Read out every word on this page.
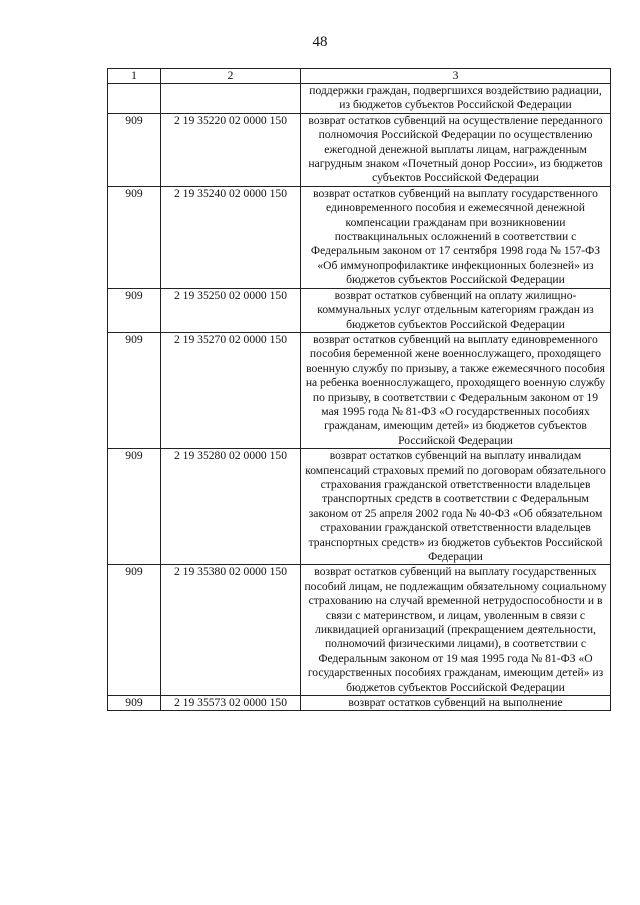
48
1	2	3
		поддержки граждан, подвергшихся воздействию радиации, из бюджетов субъектов Российской Федерации
909	2 19 35220 02 0000 150	возврат остатков субвенций на осуществление переданного полномочия Российской Федерации по осуществлению ежегодной денежной выплаты лицам, награжденным нагрудным знаком «Почетный донор России», из бюджетов субъектов Российской Федерации
909	2 19 35240 02 0000 150	возврат остатков субвенций на выплату государственного единовременного пособия и ежемесячной денежной компенсации гражданам при возникновении поствакцинальных осложнений в соответствии с Федеральным законом от 17 сентября 1998 года № 157-ФЗ «Об иммунопрофилактике инфекционных болезней» из бюджетов субъектов Российской Федерации
909	2 19 35250 02 0000 150	возврат остатков субвенций на оплату жилищно-коммунальных услуг отдельным категориям граждан из бюджетов субъектов Российской Федерации
909	2 19 35270 02 0000 150	возврат остатков субвенций на выплату единовременного пособия беременной жене военнослужащего, проходящего военную службу по призыву, а также ежемесячного пособия на ребенка военнослужащего, проходящего военную службу по призыву, в соответствии с Федеральным законом от 19 мая 1995 года № 81-ФЗ «О государственных пособиях гражданам, имеющим детей» из бюджетов субъектов Российской Федерации
909	2 19 35280 02 0000 150	возврат остатков субвенций на выплату инвалидам компенсаций страховых премий по договорам обязательного страхования гражданской ответственности владельцев транспортных средств в соответствии с Федеральным законом от 25 апреля 2002 года № 40-ФЗ «Об обязательном страховании гражданской ответственности владельцев транспортных средств» из бюджетов субъектов Российской Федерации
909	2 19 35380 02 0000 150	возврат остатков субвенций на выплату государственных пособий лицам, не подлежащим обязательному социальному страхованию на случай временной нетрудоспособности и в связи с материнством, и лицам, уволенным в связи с ликвидацией организаций (прекращением деятельности, полномочий физическими лицами), в соответствии с Федеральным законом от 19 мая 1995 года № 81-ФЗ «О государственных пособиях гражданам, имеющим детей» из бюджетов субъектов Российской Федерации
909	2 19 35573 02 0000 150	возврат остатков субвенций на выполнение
